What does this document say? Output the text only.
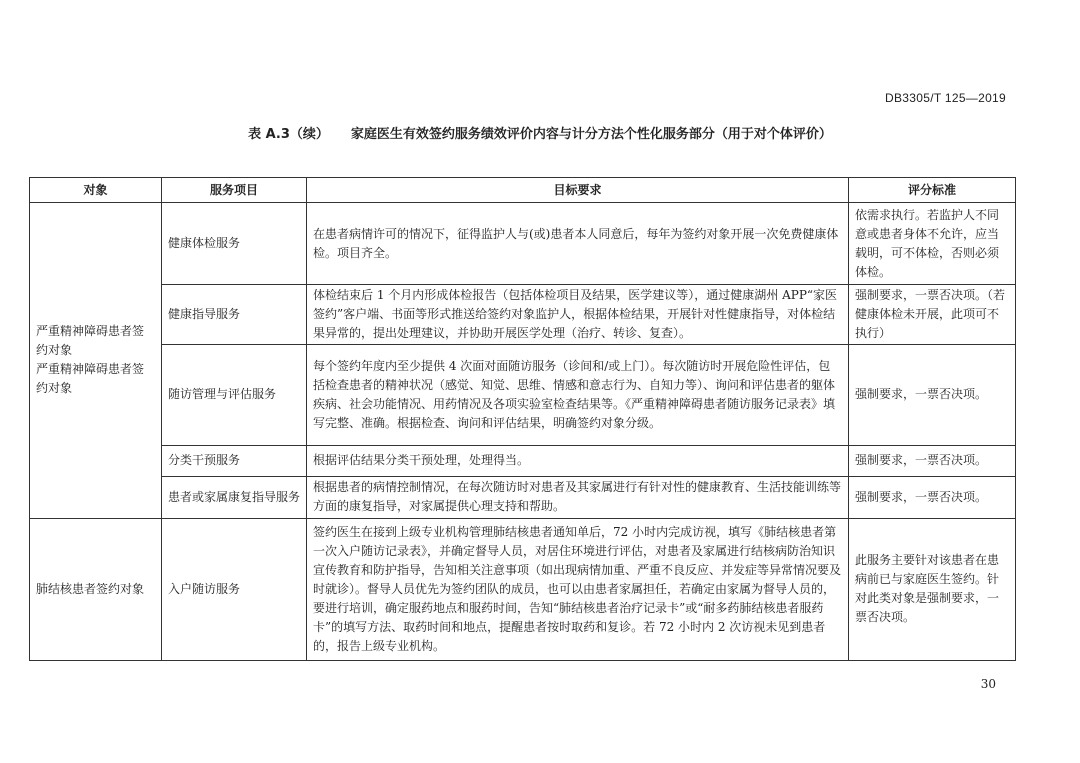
DB3305/T 125—2019
表 A.3（续） 家庭医生有效签约服务绩效评价内容与计分方法个性化服务部分（用于对个体评价）
对象	服务项目	目标要求	评分标准

严重精神障碍患者签约对象
严重精神障碍患者签约对象	健康体检服务	在患者病情许可的情况下，征得监护人与(或)患者本人同意后，每年为签约对象开展一次免费健康体检。项目齐全。	依需求执行。若监护人不同意或患者身体不允许，应当载明，可不体检，否则必须体检。
	健康指导服务	体检结束后 1 个月内形成体检报告（包括体检项目及结果，医学建议等），通过健康湖州 APP“家医签约”客户端、书面等形式推送给签约对象监护人，根据体检结果，开展针对性健康指导，对体检结果异常的，提出处理建议，并协助开展医学处理（治疗、转诊、复查）。	强制要求，一票否决项。（若健康体检未开展，此项可不执行）
	随访管理与评估服务	每个签约年度内至少提供 4 次面对面随访服务（诊间和/或上门）。每次随访时开展危险性评估，包括检查患者的精神状况（感觉、知觉、思维、情感和意志行为、自知力等）、询问和评估患者的躯体疾病、社会功能情况、用药情况及各项实验室检查结果等。《严重精神障碍患者随访服务记录表》填写完整、准确。根据检查、询问和评估结果，明确签约对象分级。	强制要求，一票否决项。
	分类干预服务	根据评估结果分类干预处理，处理得当。	强制要求，一票否决项。
	患者或家属康复指导服务	根据患者的病情控制情况，在每次随访时对患者及其家属进行有针对性的健康教育、生活技能训练等方面的康复指导，对家属提供心理支持和帮助。	强制要求，一票否决项。

肺结核患者签约对象	入户随访服务	签约医生在接到上级专业机构管理肺结核患者通知单后，72 小时内完成访视，填写《肺结核患者第一次入户随访记录表》，并确定督导人员，对居住环境进行评估，对患者及家属进行结核病防治知识宣传教育和防护指导，告知相关注意事项（如出现病情加重、严重不良反应、并发症等异常情况要及时就诊）。督导人员优先为签约团队的成员，也可以由患者家属担任，若确定由家属为督导人员的，要进行培训，确定服药地点和服药时间，告知“肺结核患者治疗记录卡”或“耐多药肺结核患者服药卡”的填写方法、取药时间和地点，提醒患者按时取药和复诊。若 72 小时内 2 次访视未见到患者的，报告上级专业机构。	此服务主要针对该患者在患病前已与家庭医生签约。针对此类对象是强制要求，一票否决项。
30
